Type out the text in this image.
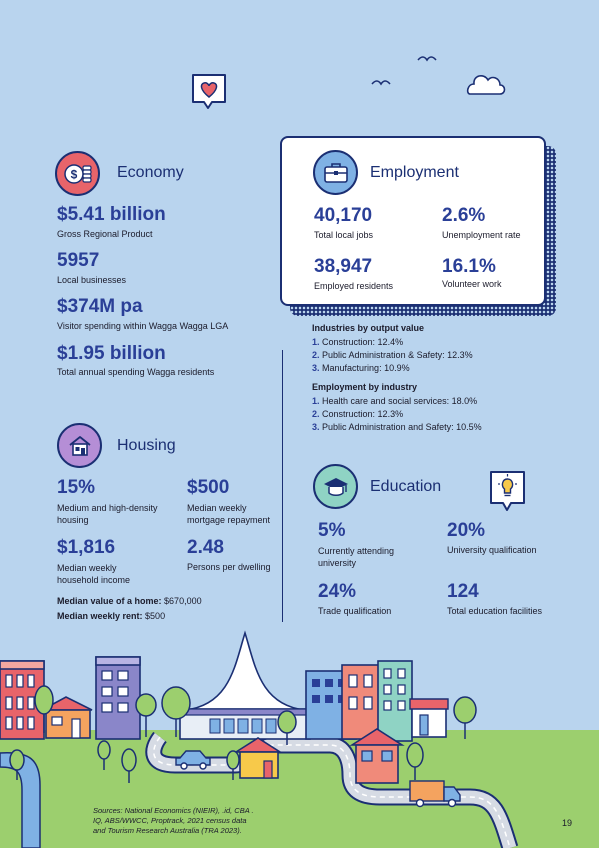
$	Economy
$5.41 billion
Gross Regional Product
5957
Local businesses
$374M pa
Visitor spending within Wagga Wagga LGA
$1.95 billion
Total annual spending Wagga residents
Employment
40,170
Total local jobs
2.6%
Unemployment rate
38,947
Employed residents
16.1%
Volunteer work
Industries by output value
1. Construction: 12.4%
2. Public Administration & Safety: 12.3%
3. Manufacturing: 10.9%
Employment by industry
1. Health care and social services: 18.0%
2. Construction: 12.3%
3. Public Administration and Safety: 10.5%
Housing
15%
Medium and high-density
housing
$500
Median weekly
mortgage repayment
$1,816
Median weekly
household income
2.48
Persons per dwelling
Median value of a home: $670,000
Median weekly rent: $500
Education
5%
Currently attending
university
20%
University qualification
24%
Trade qualification
124
Total education facilities
Sources: National Economics (NIEIR), .id, CBA .
IQ, ABS/WWCC, Proptrack, 2021 census data
and Tourism Research Australia (TRA 2023).
19
